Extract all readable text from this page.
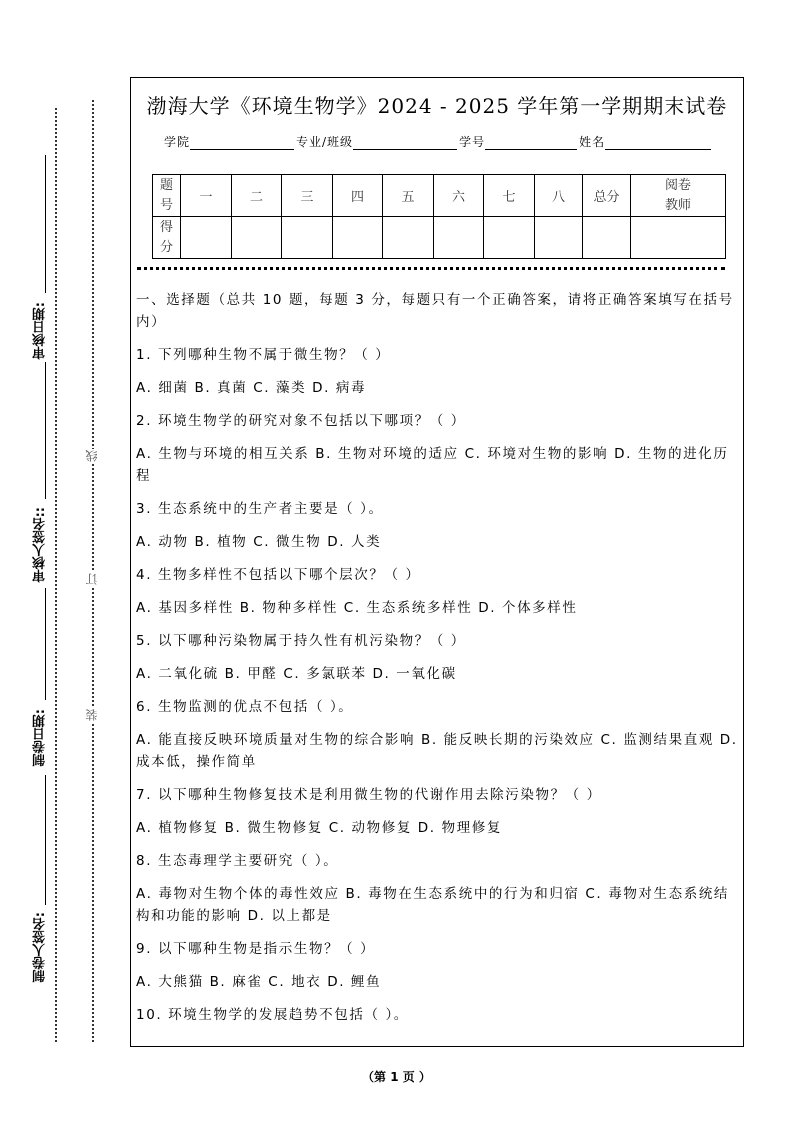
审核日期:
审核人签名::
制卷日期:
制卷人签名:
线
订
装
渤海大学《环境生物学》2024 - 2025 学年第一学期期末试卷
学院	专业/班级	学号	姓名
题
号	一	二	三	四	五	六	七	八	总分	阅卷
教师

得
分										

一、选择题（总共 10 题，每题 3 分，每题只有一个正确答案，请将正确答案填写在括号内）

1. 下列哪种生物不属于微生物？（ ）

A. 细菌 B. 真菌 C. 藻类 D. 病毒

2. 环境生物学的研究对象不包括以下哪项？（ ）

A. 生物与环境的相互关系 B. 生物对环境的适应 C. 环境对生物的影响 D. 生物的进化历程

3. 生态系统中的生产者主要是（ ）。

A. 动物 B. 植物 C. 微生物 D. 人类

4. 生物多样性不包括以下哪个层次？（ ）

A. 基因多样性 B. 物种多样性 C. 生态系统多样性 D. 个体多样性

5. 以下哪种污染物属于持久性有机污染物？（ ）

A. 二氧化硫 B. 甲醛 C. 多氯联苯 D. 一氧化碳

6. 生物监测的优点不包括（ ）。

A. 能直接反映环境质量对生物的综合影响 B. 能反映长期的污染效应 C. 监测结果直观 D. 成本低，操作简单

7. 以下哪种生物修复技术是利用微生物的代谢作用去除污染物？（ ）

A. 植物修复 B. 微生物修复 C. 动物修复 D. 物理修复

8. 生态毒理学主要研究（ ）。

A. 毒物对生物个体的毒性效应 B. 毒物在生态系统中的行为和归宿 C. 毒物对生态系统结构和功能的影响 D. 以上都是

9. 以下哪种生物是指示生物？（ ）

A. 大熊猫 B. 麻雀 C. 地衣 D. 鲤鱼

10. 环境生物学的发展趋势不包括（ ）。

（第 1 页 ）
